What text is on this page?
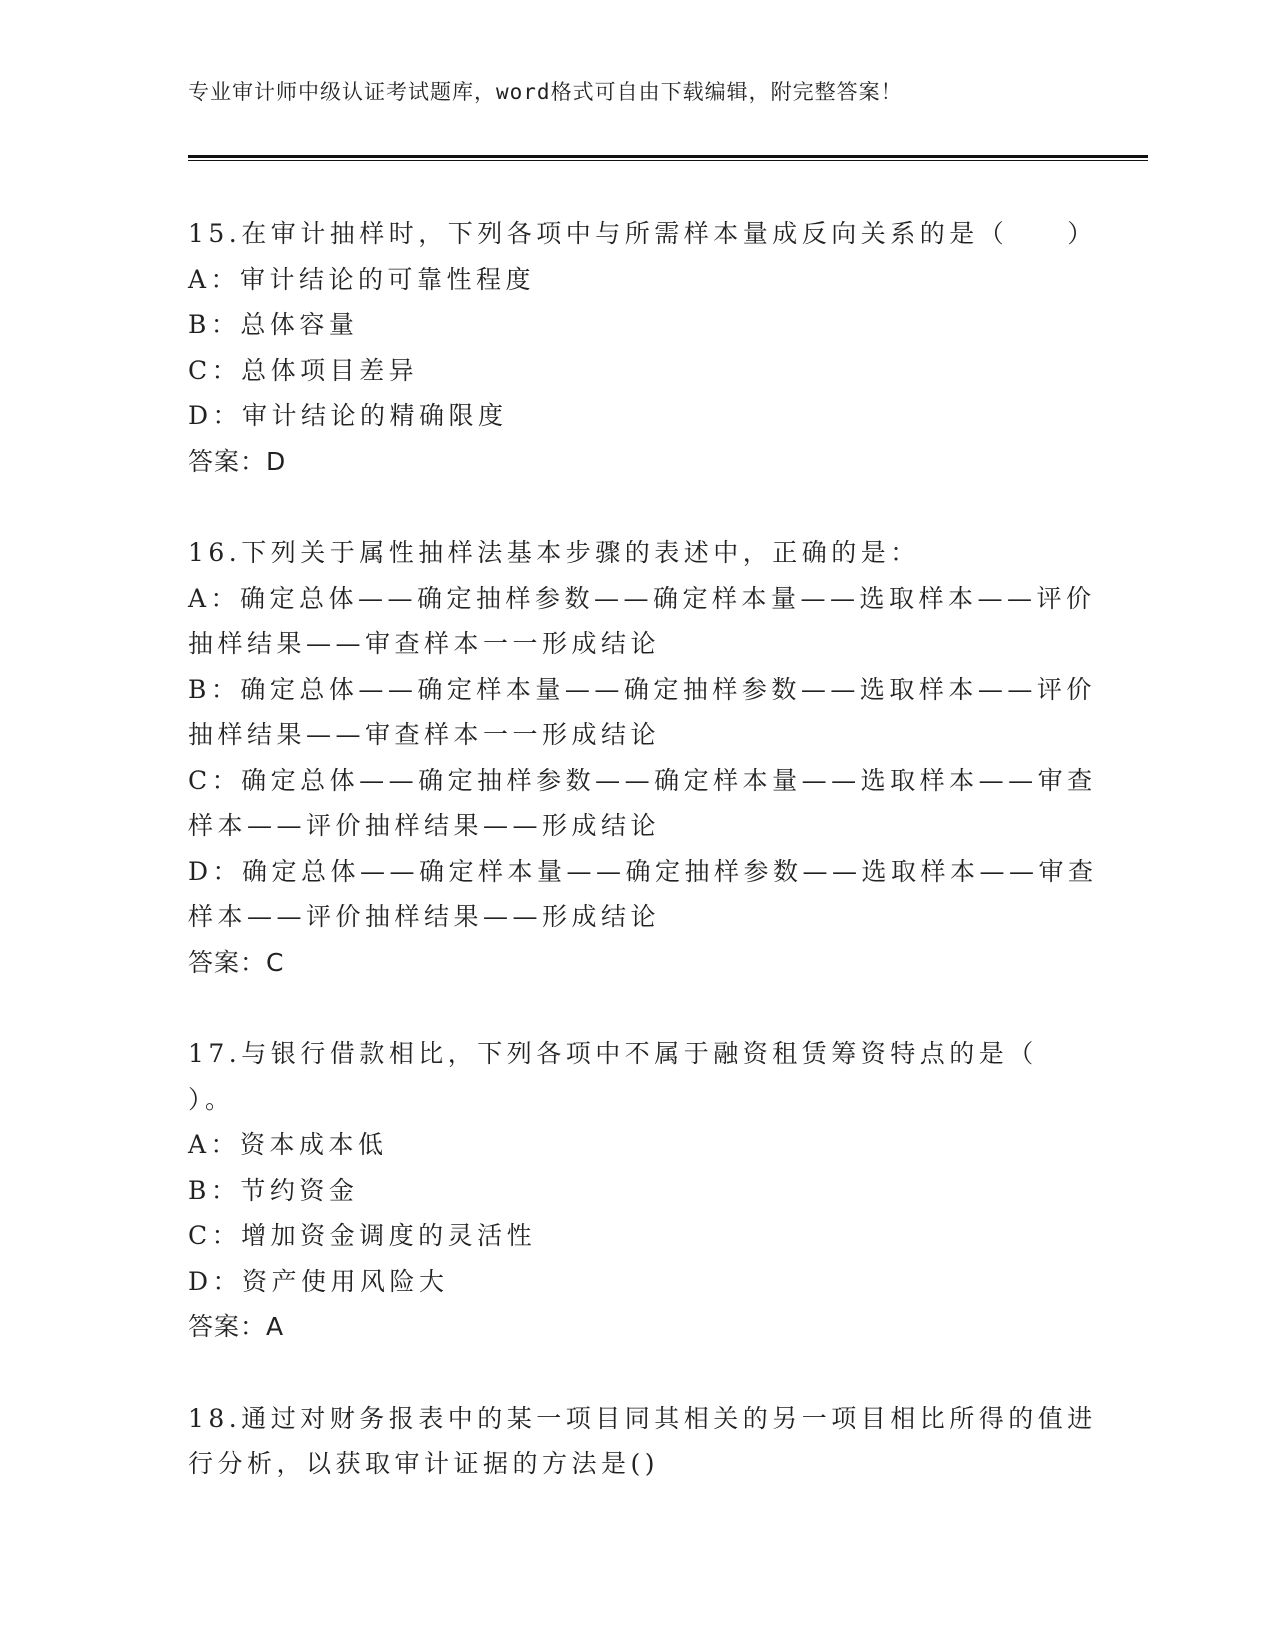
专业审计师中级认证考试题库，word格式可自由下载编辑，附完整答案！
15.在审计抽样时，下列各项中与所需样本量成反向关系的是（　　）
A：审计结论的可靠性程度
B：总体容量
C：总体项目差异
D：审计结论的精确限度
答案：D
16.下列关于属性抽样法基本步骤的表述中，正确的是：
A：确定总体——确定抽样参数——确定样本量——选取样本——评价
抽样结果——审查样本一一形成结论
B：确定总体——确定样本量——确定抽样参数——选取样本——评价
抽样结果——审查样本一一形成结论
C：确定总体——确定抽样参数——确定样本量——选取样本——审查
样本——评价抽样结果——形成结论
D：确定总体——确定样本量——确定抽样参数——选取样本——审查
样本——评价抽样结果——形成结论
答案：C
17.与银行借款相比，下列各项中不属于融资租赁筹资特点的是（
）。
A：资本成本低
B：节约资金
C：增加资金调度的灵活性
D：资产使用风险大
答案：A
18.通过对财务报表中的某一项目同其相关的另一项目相比所得的值进
行分析，以获取审计证据的方法是()
